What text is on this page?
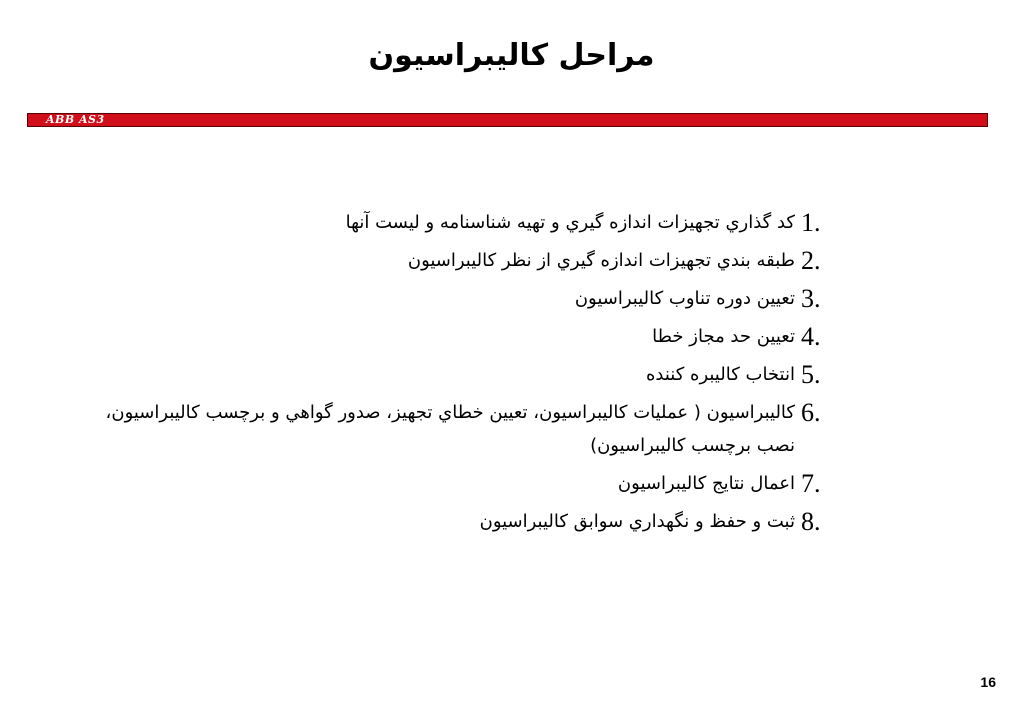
مراحل كاليبراسيون
ABB AS3
1.
كد گذاري تجهيزات اندازه گيري و تهيه شناسنامه و ليست آنها
2.
طبقه بندي تجهيزات اندازه گيري از نظر كاليبراسيون
3.
تعيين دوره تناوب كاليبراسيون
4.
تعيين حد مجاز خطا
5.
انتخاب كاليبره كننده
6.
كاليبراسيون ( عمليات كاليبراسيون، تعيين خطاي تجهيز، صدور گواهي و برچسب كاليبراسيون، نصب برچسب كاليبراسيون)
7.
اعمال نتايج كاليبراسيون
8.
ثبت و حفظ و نگهداري سوابق كاليبراسيون
16
